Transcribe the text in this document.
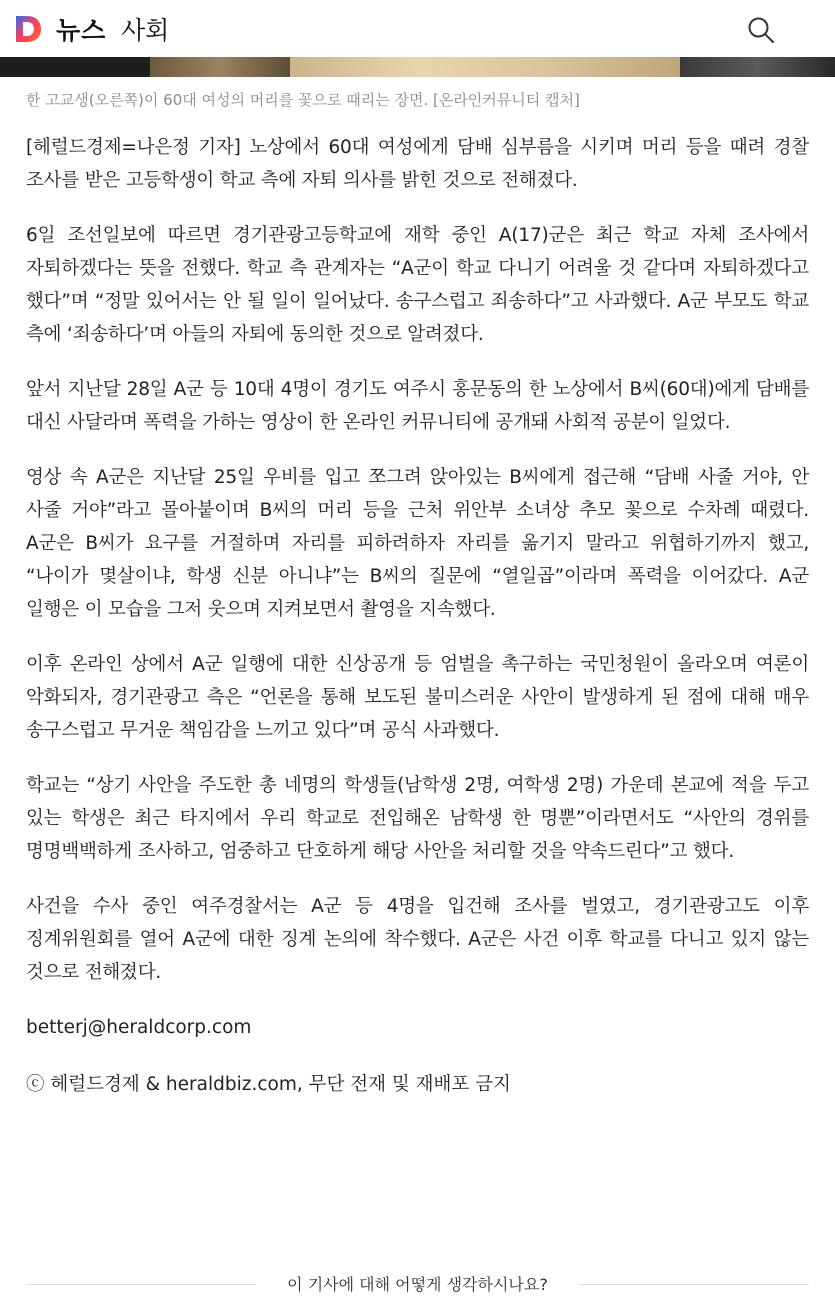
뉴스 사회
한 고교생(오른쪽)이 60대 여성의 머리를 꽃으로 때리는 장면. [온라인커뮤니티 캡처]

[헤럴드경제=나은정 기자] 노상에서 60대 여성에게 담배 심부름을 시키며 머리 등을 때려 경찰 조사를 받은 고등학생이 학교 측에 자퇴 의사를 밝힌 것으로 전해졌다.

6일 조선일보에 따르면 경기관광고등학교에 재학 중인 A(17)군은 최근 학교 자체 조사에서 자퇴하겠다는 뜻을 전했다. 학교 측 관계자는 “A군이 학교 다니기 어려울 것 같다며 자퇴하겠다고 했다”며 “정말 있어서는 안 될 일이 일어났다. 송구스럽고 죄송하다”고 사과했다. A군 부모도 학교 측에 ‘죄송하다’며 아들의 자퇴에 동의한 것으로 알려졌다.

앞서 지난달 28일 A군 등 10대 4명이 경기도 여주시 홍문동의 한 노상에서 B씨(60대)에게 담배를 대신 사달라며 폭력을 가하는 영상이 한 온라인 커뮤니티에 공개돼 사회적 공분이 일었다.

영상 속 A군은 지난달 25일 우비를 입고 쪼그려 앉아있는 B씨에게 접근해 “담배 사줄 거야, 안 사줄 거야”라고 몰아붙이며 B씨의 머리 등을 근처 위안부 소녀상 추모 꽃으로 수차례 때렸다. A군은 B씨가 요구를 거절하며 자리를 피하려하자 자리를 옮기지 말라고 위협하기까지 했고, “나이가 몇살이냐, 학생 신분 아니냐”는 B씨의 질문에 “열일곱”이라며 폭력을 이어갔다. A군 일행은 이 모습을 그저 웃으며 지켜보면서 촬영을 지속했다.

이후 온라인 상에서 A군 일행에 대한 신상공개 등 엄벌을 촉구하는 국민청원이 올라오며 여론이 악화되자, 경기관광고 측은 “언론을 통해 보도된 불미스러운 사안이 발생하게 된 점에 대해 매우 송구스럽고 무거운 책임감을 느끼고 있다”며 공식 사과했다.

학교는 “상기 사안을 주도한 총 네명의 학생들(남학생 2명, 여학생 2명) 가운데 본교에 적을 두고 있는 학생은 최근 타지에서 우리 학교로 전입해온 남학생 한 명뿐”이라면서도 “사안의 경위를 명명백백하게 조사하고, 엄중하고 단호하게 해당 사안을 처리할 것을 약속드린다”고 했다.

사건을 수사 중인 여주경찰서는 A군 등 4명을 입건해 조사를 벌였고, 경기관광고도 이후 징계위원회를 열어 A군에 대한 징계 논의에 착수했다. A군은 사건 이후 학교를 다니고 있지 않는 것으로 전해졌다.

betterj@heraldcorp.com
ⓒ 헤럴드경제 & heraldbiz.com, 무단 전재 및 재배포 금지
이 기사에 대해 어떻게 생각하시나요?
